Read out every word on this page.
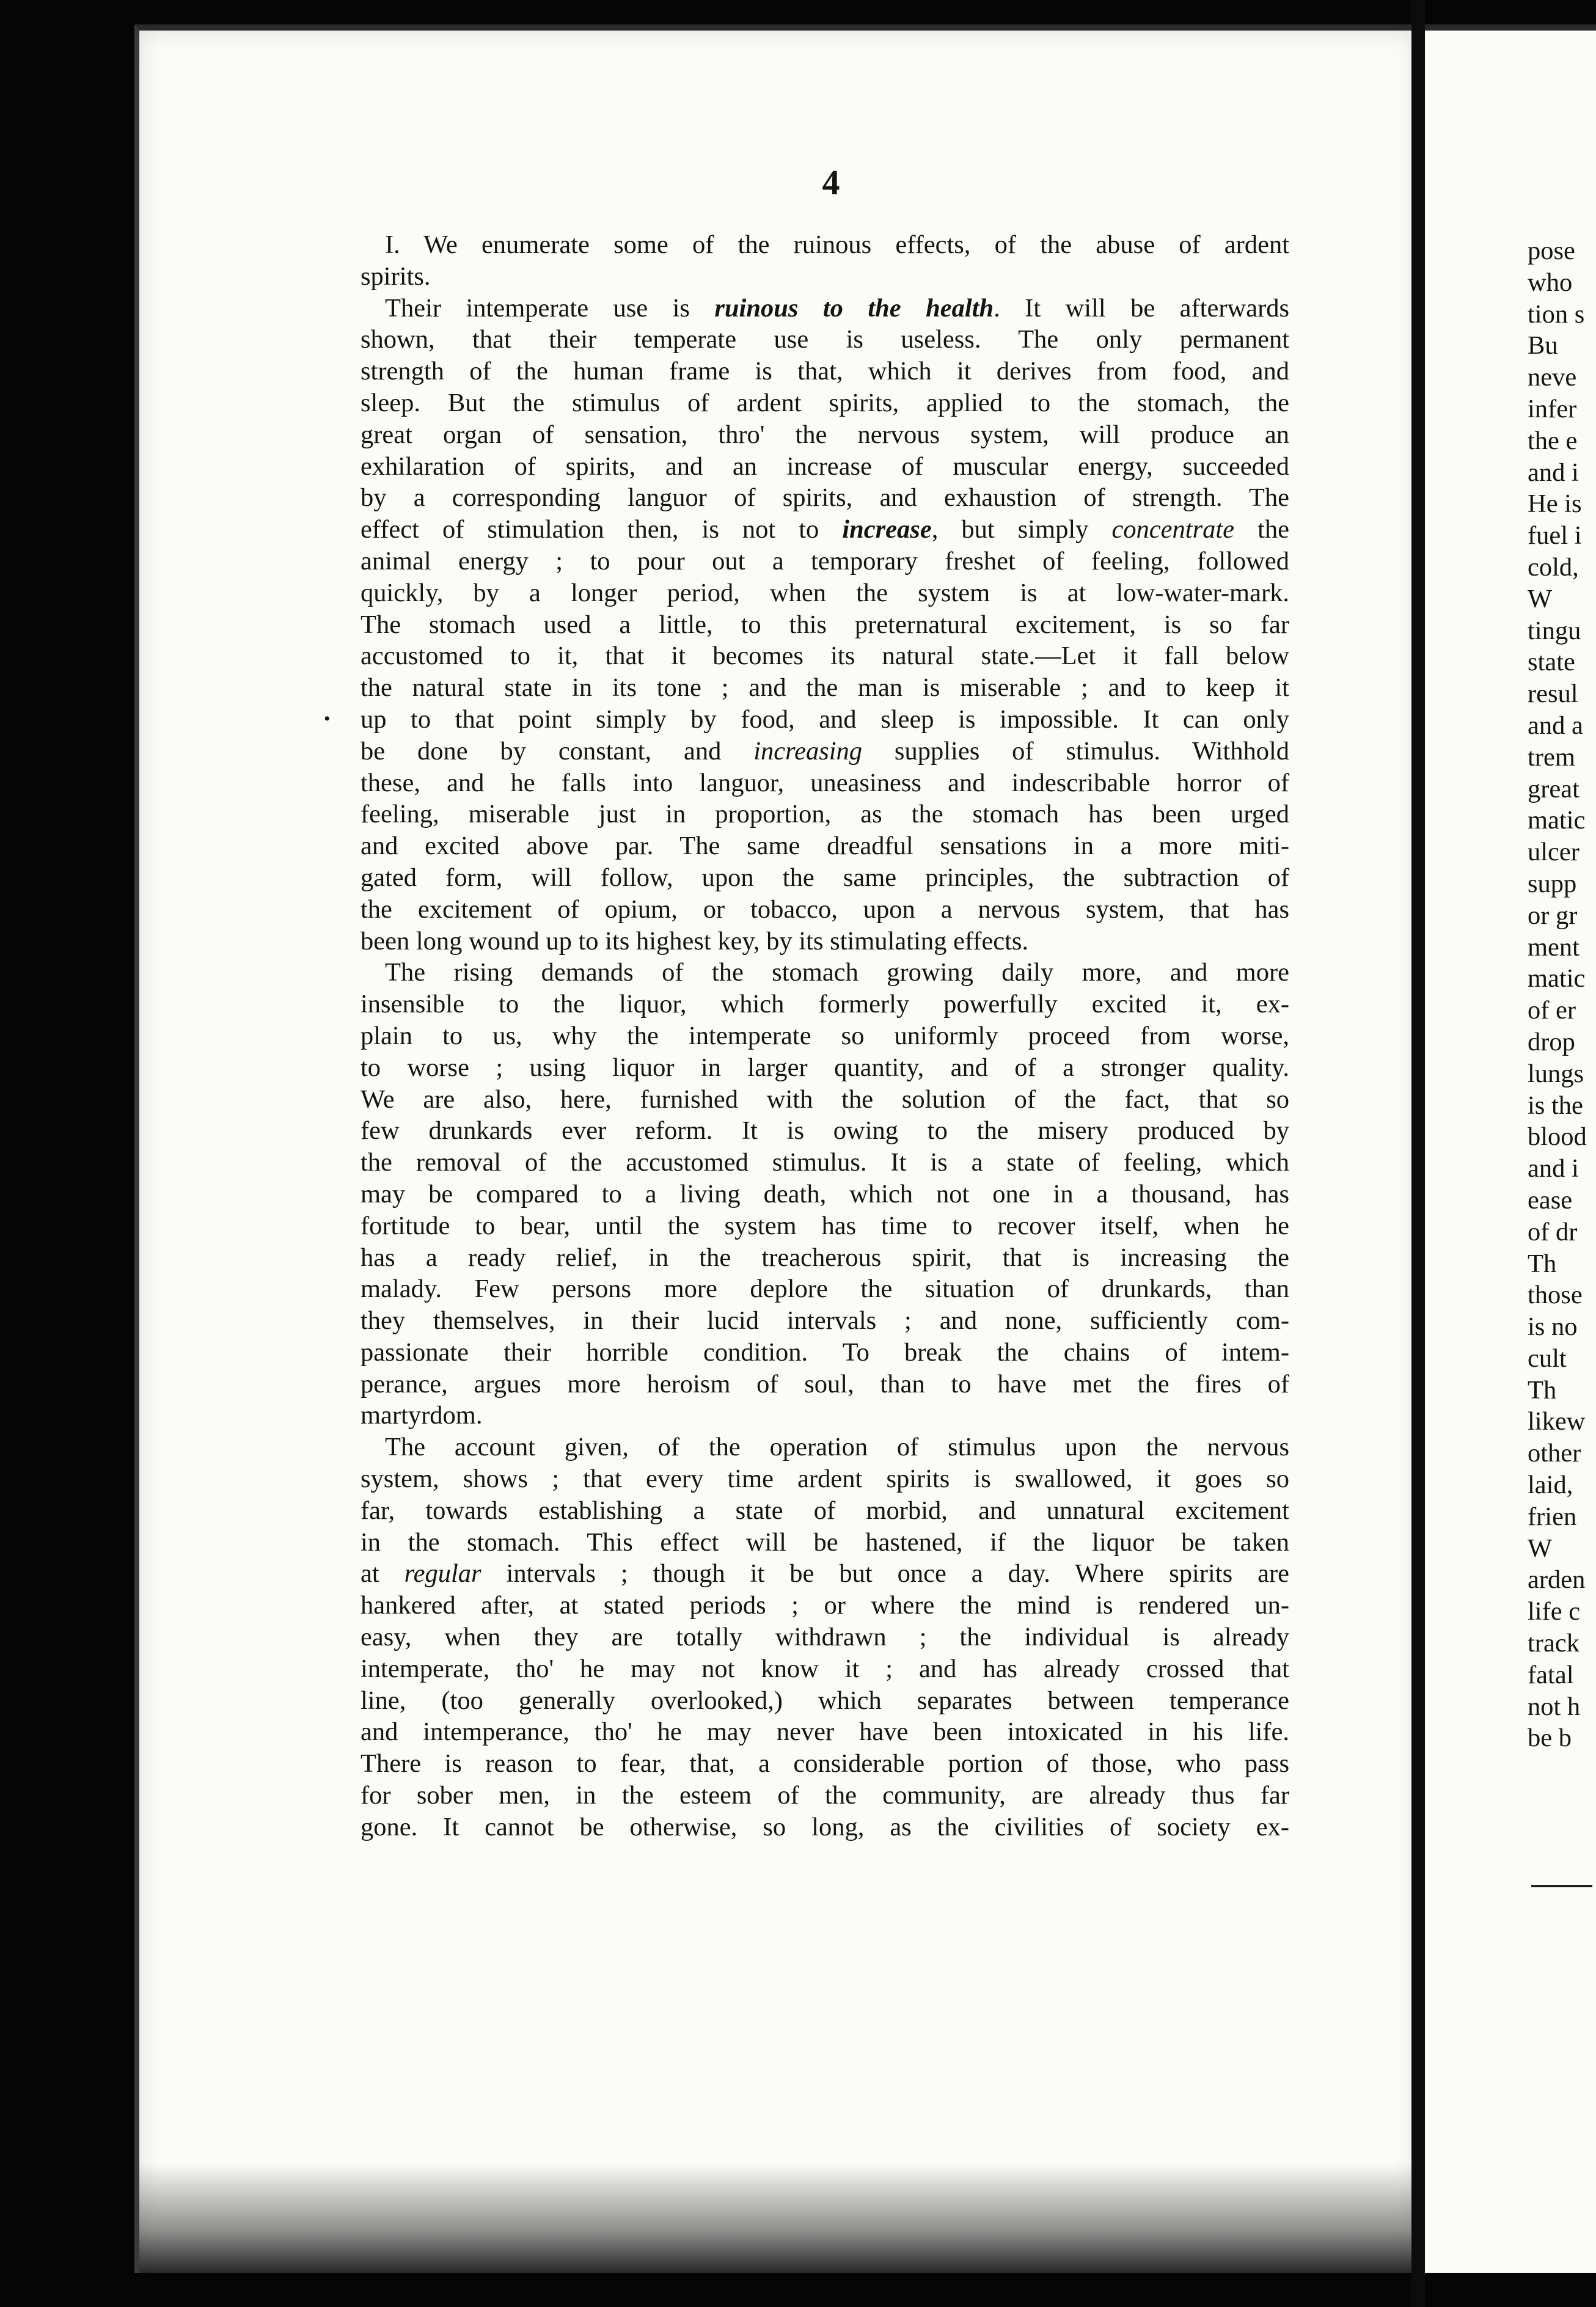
4
•
I. We enumerate some of the ruinous effects, of the abuse of ardent
spirits.
Their intemperate use is ruinous to the health. It will be afterwards
shown, that their temperate use is useless. The only permanent
strength of the human frame is that, which it derives from food, and
sleep. But the stimulus of ardent spirits, applied to the stomach, the
great organ of sensation, thro' the nervous system, will produce an
exhilaration of spirits, and an increase of muscular energy, succeeded
by a corresponding languor of spirits, and exhaustion of strength. The
effect of stimulation then, is not to increase, but simply concentrate the
animal energy ; to pour out a temporary freshet of feeling, followed
quickly, by a longer period, when the system is at low-water-mark.
The stomach used a little, to this preternatural excitement, is so far
accustomed to it, that it becomes its natural state.—Let it fall below
the natural state in its tone ; and the man is miserable ; and to keep it
up to that point simply by food, and sleep is impossible. It can only
be done by constant, and increasing supplies of stimulus. Withhold
these, and he falls into languor, uneasiness and indescribable horror of
feeling, miserable just in proportion, as the stomach has been urged
and excited above par. The same dreadful sensations in a more miti-
gated form, will follow, upon the same principles, the subtraction of
the excitement of opium, or tobacco, upon a nervous system, that has
been long wound up to its highest key, by its stimulating effects.
The rising demands of the stomach growing daily more, and more
insensible to the liquor, which formerly powerfully excited it, ex-
plain to us, why the intemperate so uniformly proceed from worse,
to worse ; using liquor in larger quantity, and of a stronger quality.
We are also, here, furnished with the solution of the fact, that so
few drunkards ever reform. It is owing to the misery produced by
the removal of the accustomed stimulus. It is a state of feeling, which
may be compared to a living death, which not one in a thousand, has
fortitude to bear, until the system has time to recover itself, when he
has a ready relief, in the treacherous spirit, that is increasing the
malady. Few persons more deplore the situation of drunkards, than
they themselves, in their lucid intervals ; and none, sufficiently com-
passionate their horrible condition. To break the chains of intem-
perance, argues more heroism of soul, than to have met the fires of
martyrdom.
The account given, of the operation of stimulus upon the nervous
system, shows ; that every time ardent spirits is swallowed, it goes so
far, towards establishing a state of morbid, and unnatural excitement
in the stomach. This effect will be hastened, if the liquor be taken
at regular intervals ; though it be but once a day. Where spirits are
hankered after, at stated periods ; or where the mind is rendered un-
easy, when they are totally withdrawn ; the individual is already
intemperate, tho' he may not know it ; and has already crossed that
line, (too generally overlooked,) which separates between temperance
and intemperance, tho' he may never have been intoxicated in his life.
There is reason to fear, that, a considerable portion of those, who pass
for sober men, in the esteem of the community, are already thus far
gone. It cannot be otherwise, so long, as the civilities of society ex-
pose
who
tion s
Bu
neve
infer
the e
and i
He is
fuel i
cold,
W
tingu
state
resul
and a
trem
great
matic
ulcer
supp
or gr
ment
matic
of er
drop
lungs
is the
blood
and i
ease
of dr
Th
those
is no
cult
Th
likew
other
laid,
frien
W
arden
life c
track
fatal
not h
be b
